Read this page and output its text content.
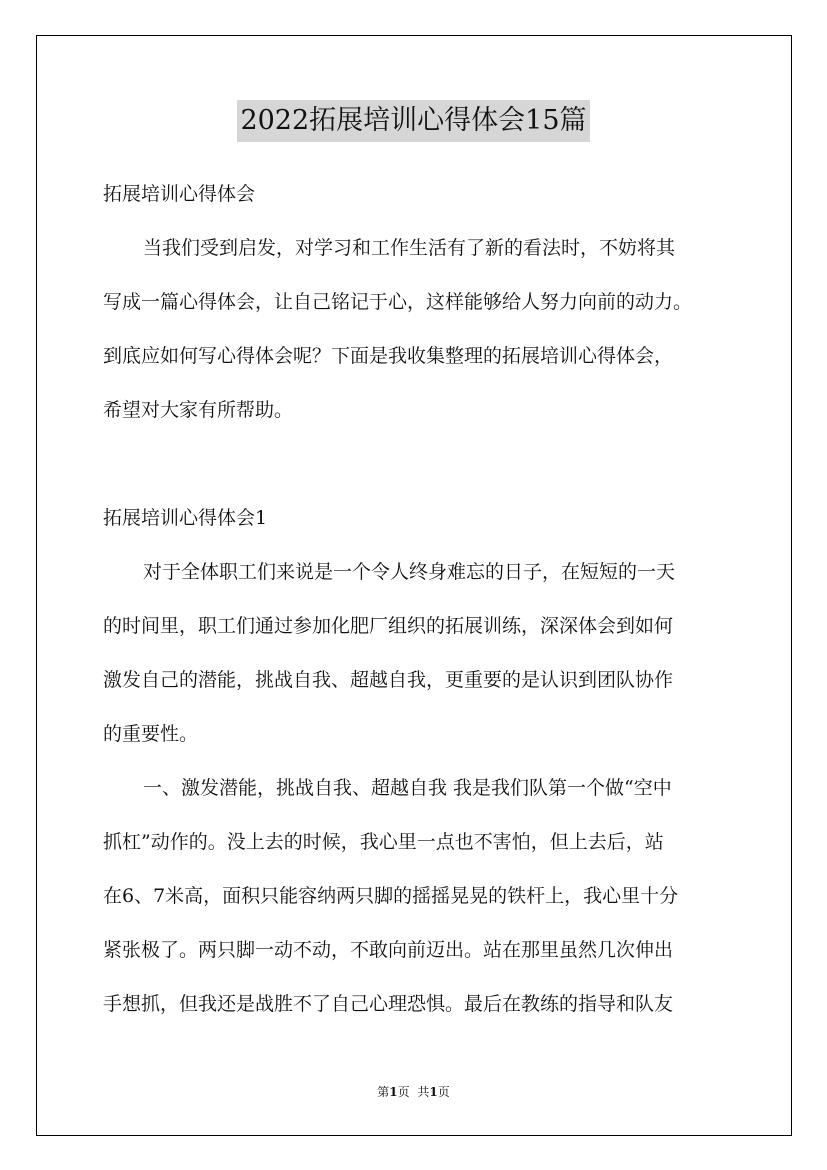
2022拓展培训心得体会15篇
拓展培训心得体会
当我们受到启发，对学习和工作生活有了新的看法时，不妨将其
写成一篇心得体会，让自己铭记于心，这样能够给人努力向前的动力。
到底应如何写心得体会呢？下面是我收集整理的拓展培训心得体会，
希望对大家有所帮助。
拓展培训心得体会1
对于全体职工们来说是一个令人终身难忘的日子，在短短的一天
的时间里，职工们通过参加化肥厂组织的拓展训练，深深体会到如何
激发自己的潜能，挑战自我、超越自我，更重要的是认识到团队协作
的重要性。
一、激发潜能，挑战自我、超越自我 我是我们队第一个做“空中
抓杠”动作的。没上去的时候，我心里一点也不害怕，但上去后，站
在6、7米高，面积只能容纳两只脚的摇摇晃晃的铁杆上，我心里十分
紧张极了。两只脚一动不动，不敢向前迈出。站在那里虽然几次伸出
手想抓，但我还是战胜不了自己心理恐惧。最后在教练的指导和队友
第1页 共1页
